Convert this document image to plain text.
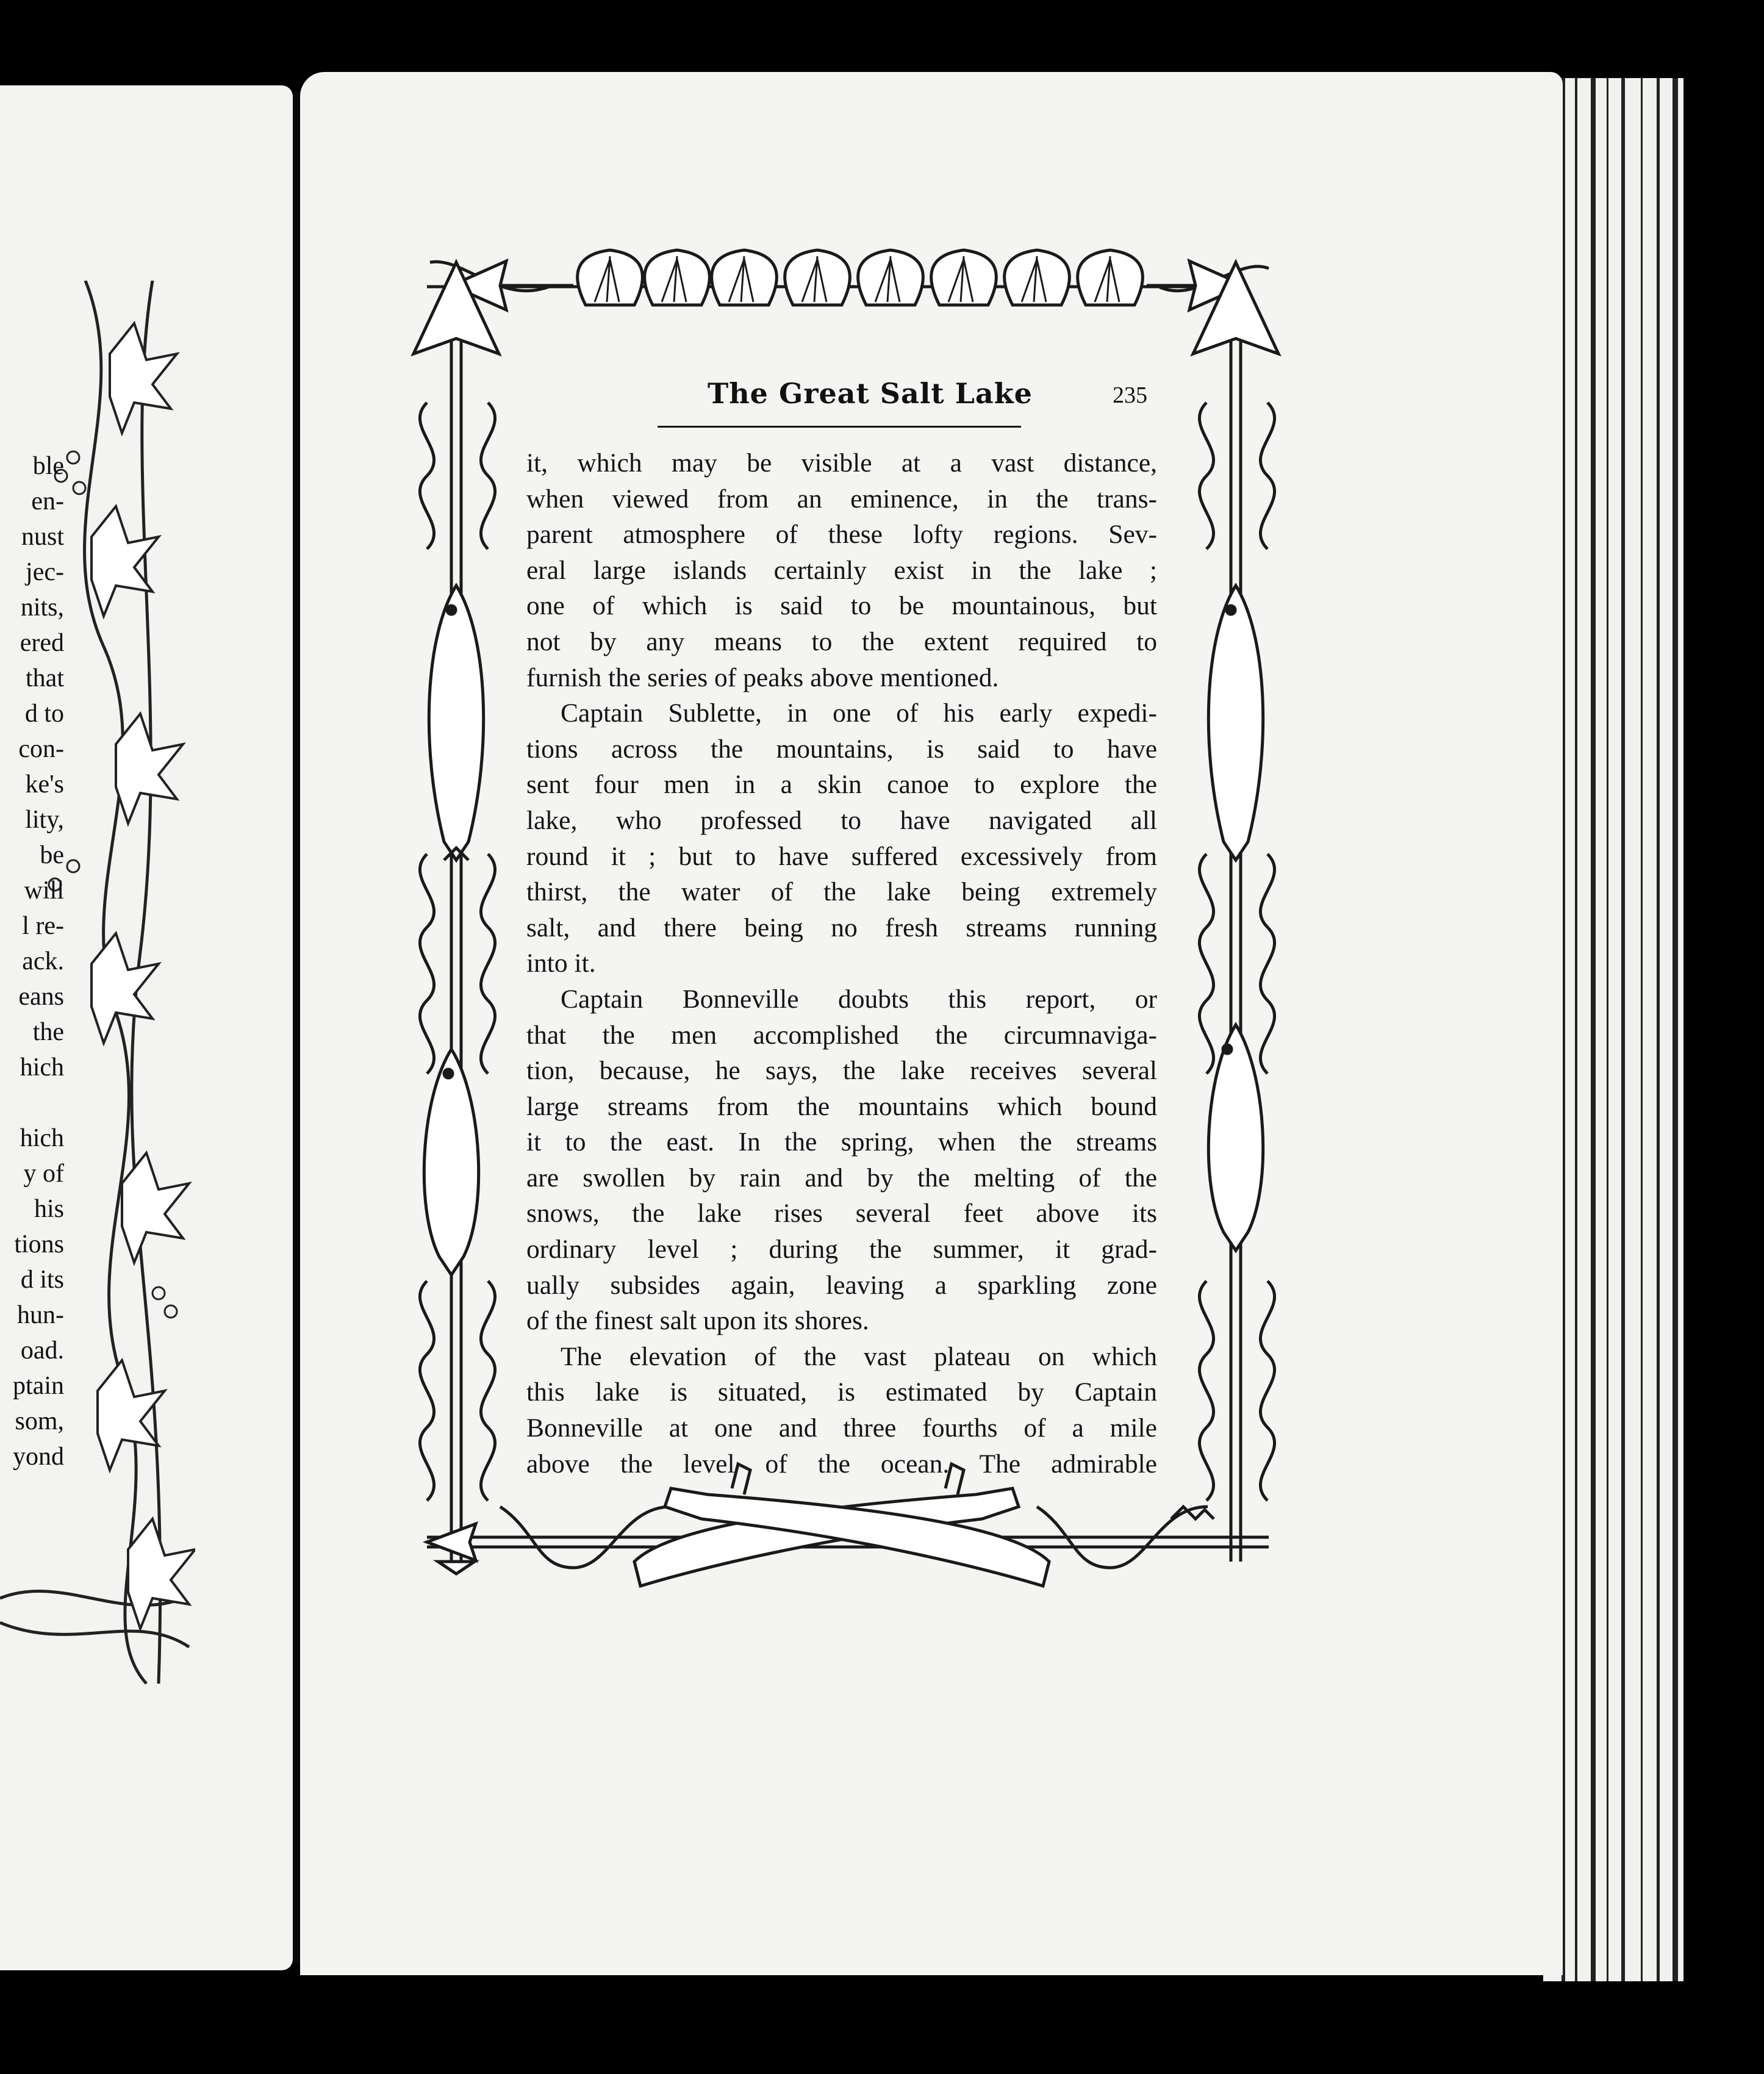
ble
en-
nust
jec-
nits,
ered
that
d to
con-
ke's
lity,
be
will
l re-
ack.
eans
the
hich
hich
y of
his
tions
d its
hun-
oad.
ptain
som,
yond
The Great Salt Lake	235
it, which may be visible at a vast distance,
when viewed from an eminence, in the trans-
parent atmosphere of these lofty regions. Sev-
eral large islands certainly exist in the lake ;
one of which is said to be mountainous, but
not by any means to the extent required to
furnish the series of peaks above mentioned.
Captain Sublette, in one of his early expedi-
tions across the mountains, is said to have
sent four men in a skin canoe to explore the
lake, who professed to have navigated all
round it ; but to have suffered excessively from
thirst, the water of the lake being extremely
salt, and there being no fresh streams running
into it.
Captain Bonneville doubts this report, or
that the men accomplished the circumnaviga-
tion, because, he says, the lake receives several
large streams from the mountains which bound
it to the east. In the spring, when the streams
are swollen by rain and by the melting of the
snows, the lake rises several feet above its
ordinary level ; during the summer, it grad-
ually subsides again, leaving a sparkling zone
of the finest salt upon its shores.
The elevation of the vast plateau on which
this lake is situated, is estimated by Captain
Bonneville at one and three fourths of a mile
above the level of the ocean. The admirable
